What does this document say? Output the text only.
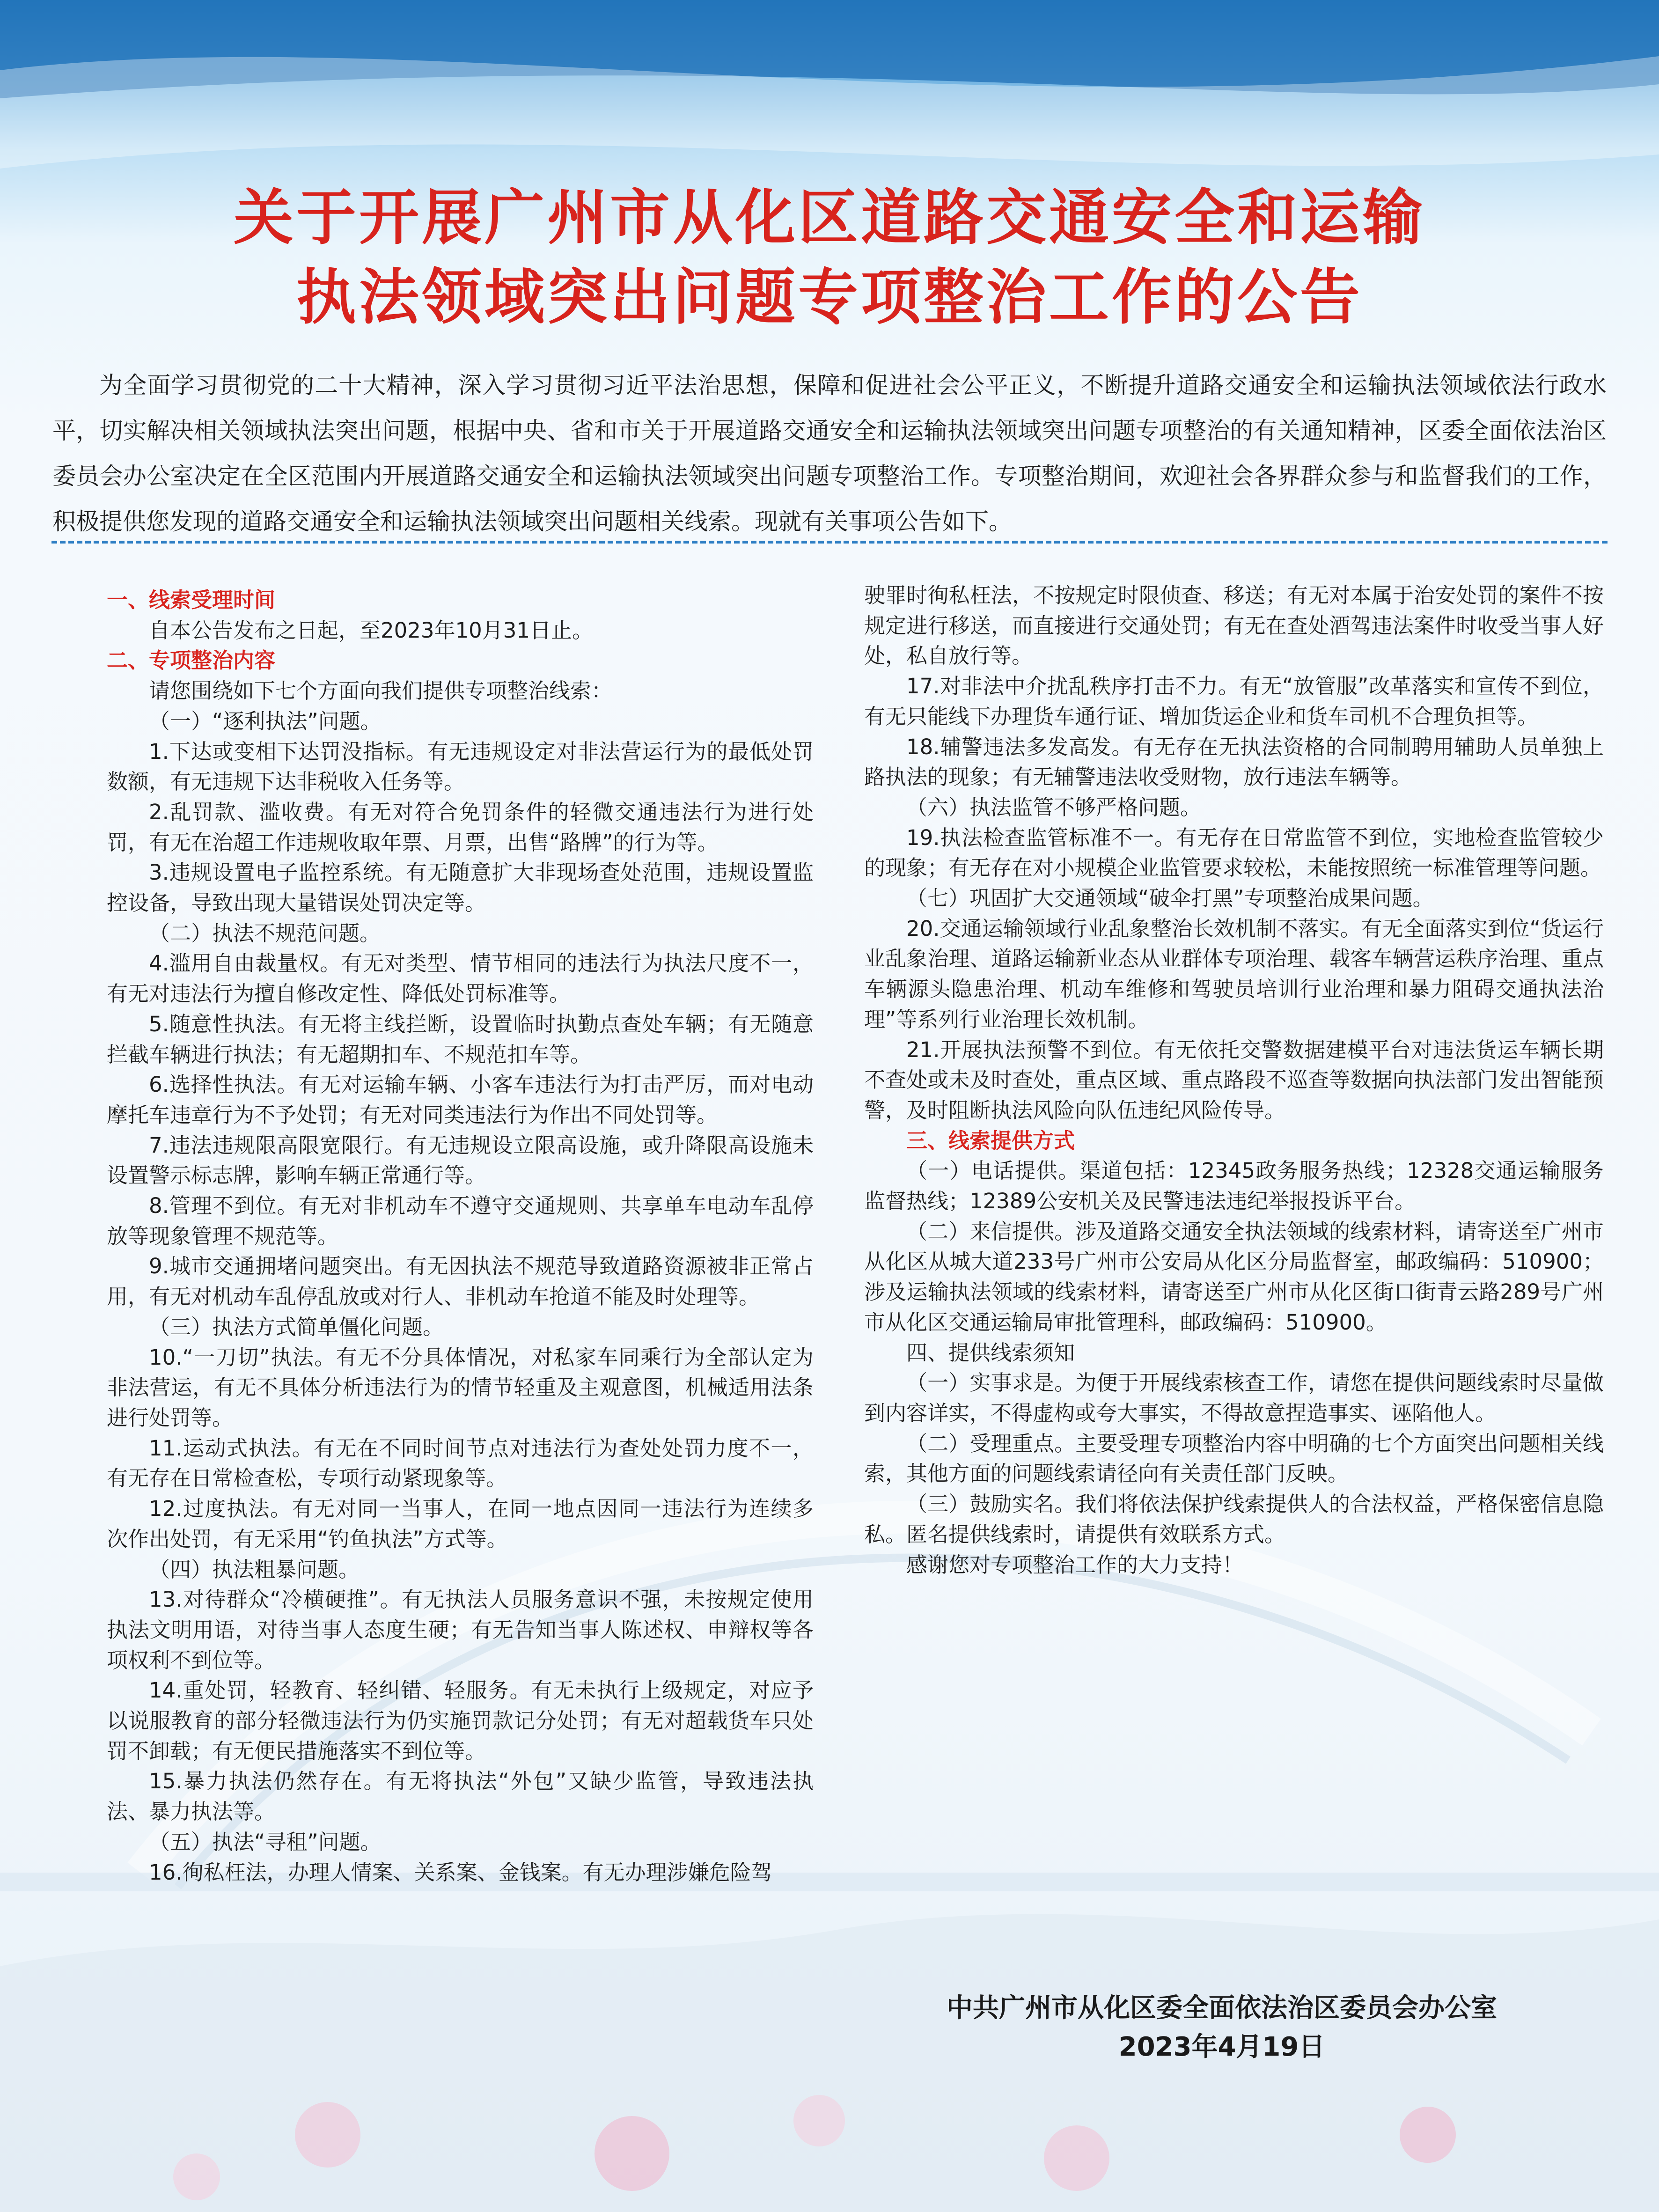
关于开展广州市从化区道路交通安全和运输
执法领域突出问题专项整治工作的公告
为全面学习贯彻党的二十大精神，深入学习贯彻习近平法治思想，保障和促进社会公平正义，不断提升道路交通安全和运输执法领域依法行政水平，切实解决相关领域执法突出问题，根据中央、省和市关于开展道路交通安全和运输执法领域突出问题专项整治的有关通知精神，区委全面依法治区委员会办公室决定在全区范围内开展道路交通安全和运输执法领域突出问题专项整治工作。专项整治期间，欢迎社会各界群众参与和监督我们的工作，积极提供您发现的道路交通安全和运输执法领域突出问题相关线索。现就有关事项公告如下。

一、线索受理时间

自本公告发布之日起，至2023年10月31日止。

二、专项整治内容

请您围绕如下七个方面向我们提供专项整治线索：

（一）“逐利执法”问题。

1.下达或变相下达罚没指标。有无违规设定对非法营运行为的最低处罚数额，有无违规下达非税收入任务等。

2.乱罚款、滥收费。有无对符合免罚条件的轻微交通违法行为进行处罚，有无在治超工作违规收取年票、月票，出售“路牌”的行为等。

3.违规设置电子监控系统。有无随意扩大非现场查处范围，违规设置监控设备，导致出现大量错误处罚决定等。

（二）执法不规范问题。

4.滥用自由裁量权。有无对类型、情节相同的违法行为执法尺度不一，有无对违法行为擅自修改定性、降低处罚标准等。

5.随意性执法。有无将主线拦断，设置临时执勤点查处车辆；有无随意拦截车辆进行执法；有无超期扣车、不规范扣车等。

6.选择性执法。有无对运输车辆、小客车违法行为打击严厉，而对电动摩托车违章行为不予处罚；有无对同类违法行为作出不同处罚等。

7.违法违规限高限宽限行。有无违规设立限高设施，或升降限高设施未设置警示标志牌，影响车辆正常通行等。

8.管理不到位。有无对非机动车不遵守交通规则、共享单车电动车乱停放等现象管理不规范等。

9.城市交通拥堵问题突出。有无因执法不规范导致道路资源被非正常占用，有无对机动车乱停乱放或对行人、非机动车抢道不能及时处理等。

（三）执法方式简单僵化问题。

10.“一刀切”执法。有无不分具体情况，对私家车同乘行为全部认定为非法营运，有无不具体分析违法行为的情节轻重及主观意图，机械适用法条进行处罚等。

11.运动式执法。有无在不同时间节点对违法行为查处处罚力度不一，有无存在日常检查松，专项行动紧现象等。

12.过度执法。有无对同一当事人，在同一地点因同一违法行为连续多次作出处罚，有无采用“钓鱼执法”方式等。

（四）执法粗暴问题。

13.对待群众“冷横硬推”。有无执法人员服务意识不强，未按规定使用执法文明用语，对待当事人态度生硬；有无告知当事人陈述权、申辩权等各项权利不到位等。

14.重处罚，轻教育、轻纠错、轻服务。有无未执行上级规定，对应予以说服教育的部分轻微违法行为仍实施罚款记分处罚；有无对超载货车只处罚不卸载；有无便民措施落实不到位等。

15.暴力执法仍然存在。有无将执法“外包”又缺少监管，导致违法执法、暴力执法等。

（五）执法“寻租”问题。

16.徇私枉法，办理人情案、关系案、金钱案。有无办理涉嫌危险驾

驶罪时徇私枉法，不按规定时限侦查、移送；有无对本属于治安处罚的案件不按规定进行移送，而直接进行交通处罚；有无在查处酒驾违法案件时收受当事人好处，私自放行等。

17.对非法中介扰乱秩序打击不力。有无“放管服”改革落实和宣传不到位，有无只能线下办理货车通行证、增加货运企业和货车司机不合理负担等。

18.辅警违法多发高发。有无存在无执法资格的合同制聘用辅助人员单独上路执法的现象；有无辅警违法收受财物，放行违法车辆等。

（六）执法监管不够严格问题。

19.执法检查监管标准不一。有无存在日常监管不到位，实地检查监管较少的现象；有无存在对小规模企业监管要求较松，未能按照统一标准管理等问题。

（七）巩固扩大交通领域“破伞打黑”专项整治成果问题。

20.交通运输领域行业乱象整治长效机制不落实。有无全面落实到位“货运行业乱象治理、道路运输新业态从业群体专项治理、载客车辆营运秩序治理、重点车辆源头隐患治理、机动车维修和驾驶员培训行业治理和暴力阻碍交通执法治理”等系列行业治理长效机制。

21.开展执法预警不到位。有无依托交警数据建模平台对违法货运车辆长期不查处或未及时查处，重点区域、重点路段不巡查等数据向执法部门发出智能预警，及时阻断执法风险向队伍违纪风险传导。

三、线索提供方式

（一）电话提供。渠道包括：12345政务服务热线；12328交通运输服务监督热线；12389公安机关及民警违法违纪举报投诉平台。

（二）来信提供。涉及道路交通安全执法领域的线索材料，请寄送至广州市从化区从城大道233号广州市公安局从化区分局监督室，邮政编码：510900；涉及运输执法领域的线索材料，请寄送至广州市从化区街口街青云路289号广州市从化区交通运输局审批管理科，邮政编码：510900。

四、提供线索须知

（一）实事求是。为便于开展线索核查工作，请您在提供问题线索时尽量做到内容详实，不得虚构或夸大事实，不得故意捏造事实、诬陷他人。

（二）受理重点。主要受理专项整治内容中明确的七个方面突出问题相关线索，其他方面的问题线索请径向有关责任部门反映。

（三）鼓励实名。我们将依法保护线索提供人的合法权益，严格保密信息隐私。匿名提供线索时，请提供有效联系方式。

感谢您对专项整治工作的大力支持！

中共广州市从化区委全面依法治区委员会办公室
2023年4月19日
